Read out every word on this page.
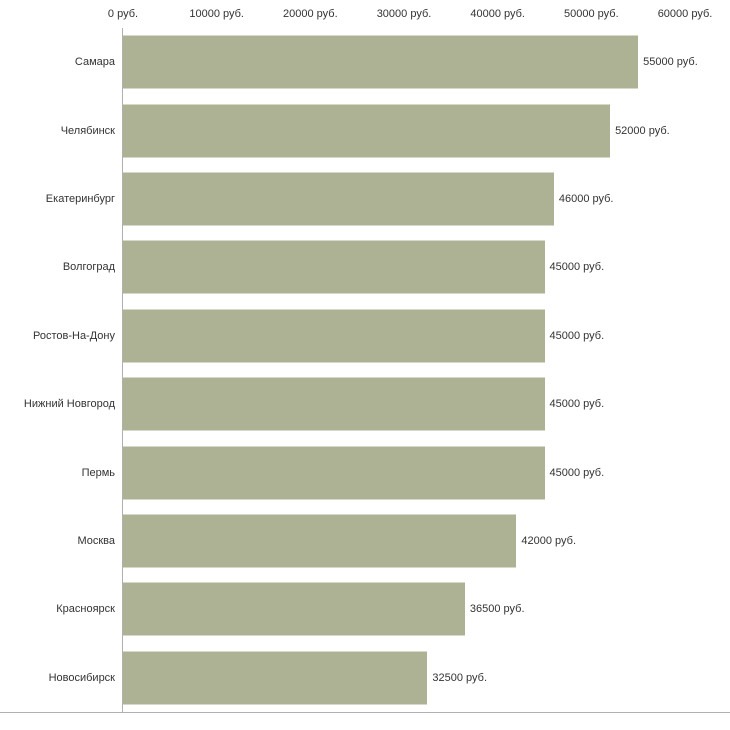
0 руб.	10000 руб.	20000 руб.	30000 руб.	40000 руб.	50000 руб.	60000 руб.
Самара	55000 руб.
Челябинск	52000 руб.
Екатеринбург	46000 руб.
Волгоград	45000 руб.
Ростов-На-Дону	45000 руб.
Нижний Новгород	45000 руб.
Пермь	45000 руб.
Москва	42000 руб.
Красноярск	36500 руб.
Новосибирск	32500 руб.
